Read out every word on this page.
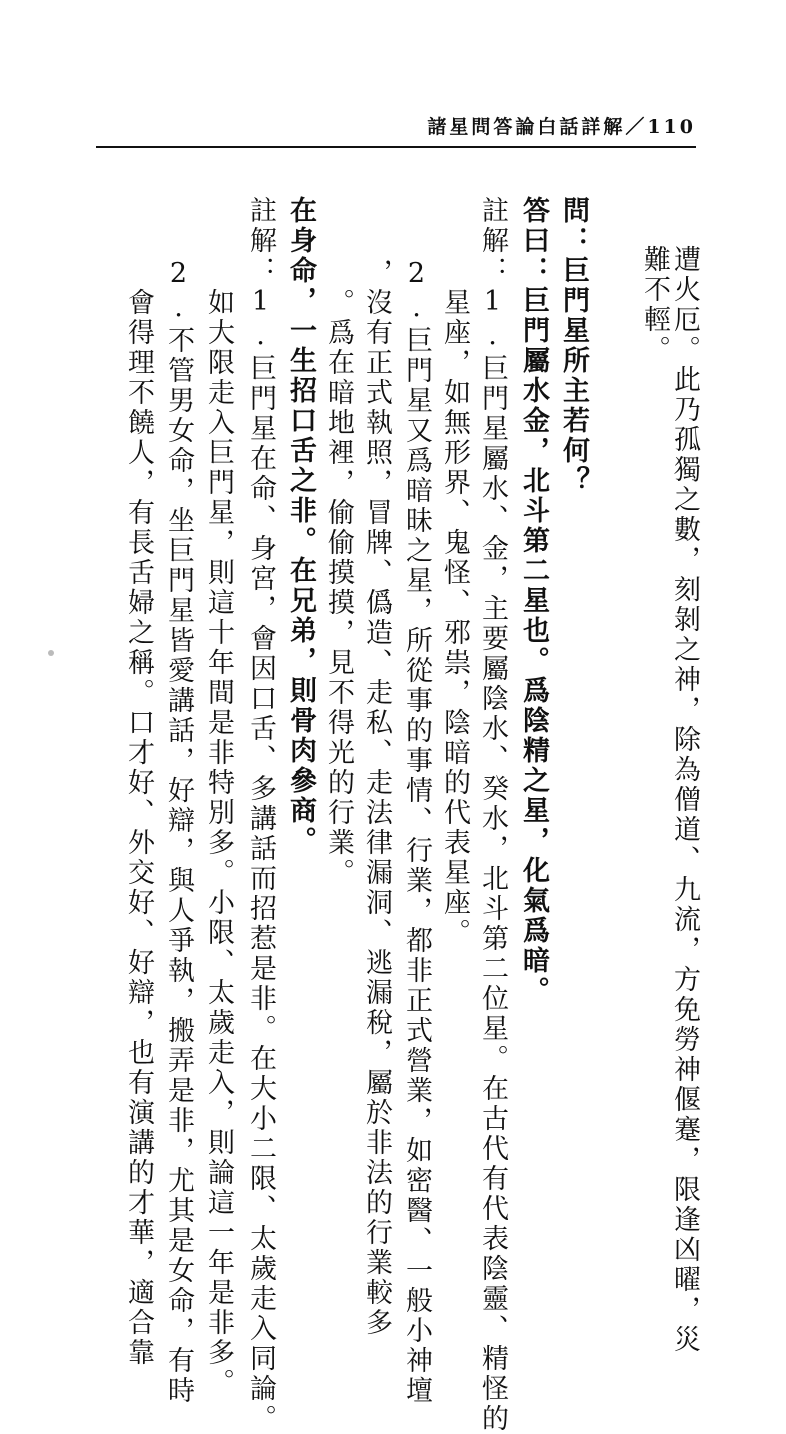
諸星問答論白話詳解／110
遭火厄。此乃孤獨之數，刻剝之神，除為僧道、九流，方免勞神偃蹇，限逢凶曜，災
難不輕。
問：巨門星所主若何？
答曰：巨門屬水金，北斗第二星也。爲陰精之星，化氣爲暗。
註解：1.巨門星屬水、金，主要屬陰水、癸水，北斗第二位星。在古代有代表陰靈、精怪的
星座，如無形界、鬼怪、邪祟，陰暗的代表星座。
2.巨門星又爲暗昧之星，所從事的事情、行業，都非正式營業，如密醫、一般小神壇
，沒有正式執照，冒牌、僞造、走私、走法律漏洞、逃漏稅，屬於非法的行業較多
。爲在暗地裡，偷偷摸摸，見不得光的行業。
在身命，一生招口舌之非。在兄弟，則骨肉參商。
註解：1.巨門星在命、身宮，會因口舌、多講話而招惹是非。在大小二限、太歲走入同論。
如大限走入巨門星，則這十年間是非特別多。小限、太歲走入，則論這一年是非多。
2.不管男女命，坐巨門星皆愛講話，好辯，與人爭執，搬弄是非，尤其是女命，有時
會得理不饒人，有長舌婦之稱。口才好、外交好、好辯，也有演講的才華，適合靠
